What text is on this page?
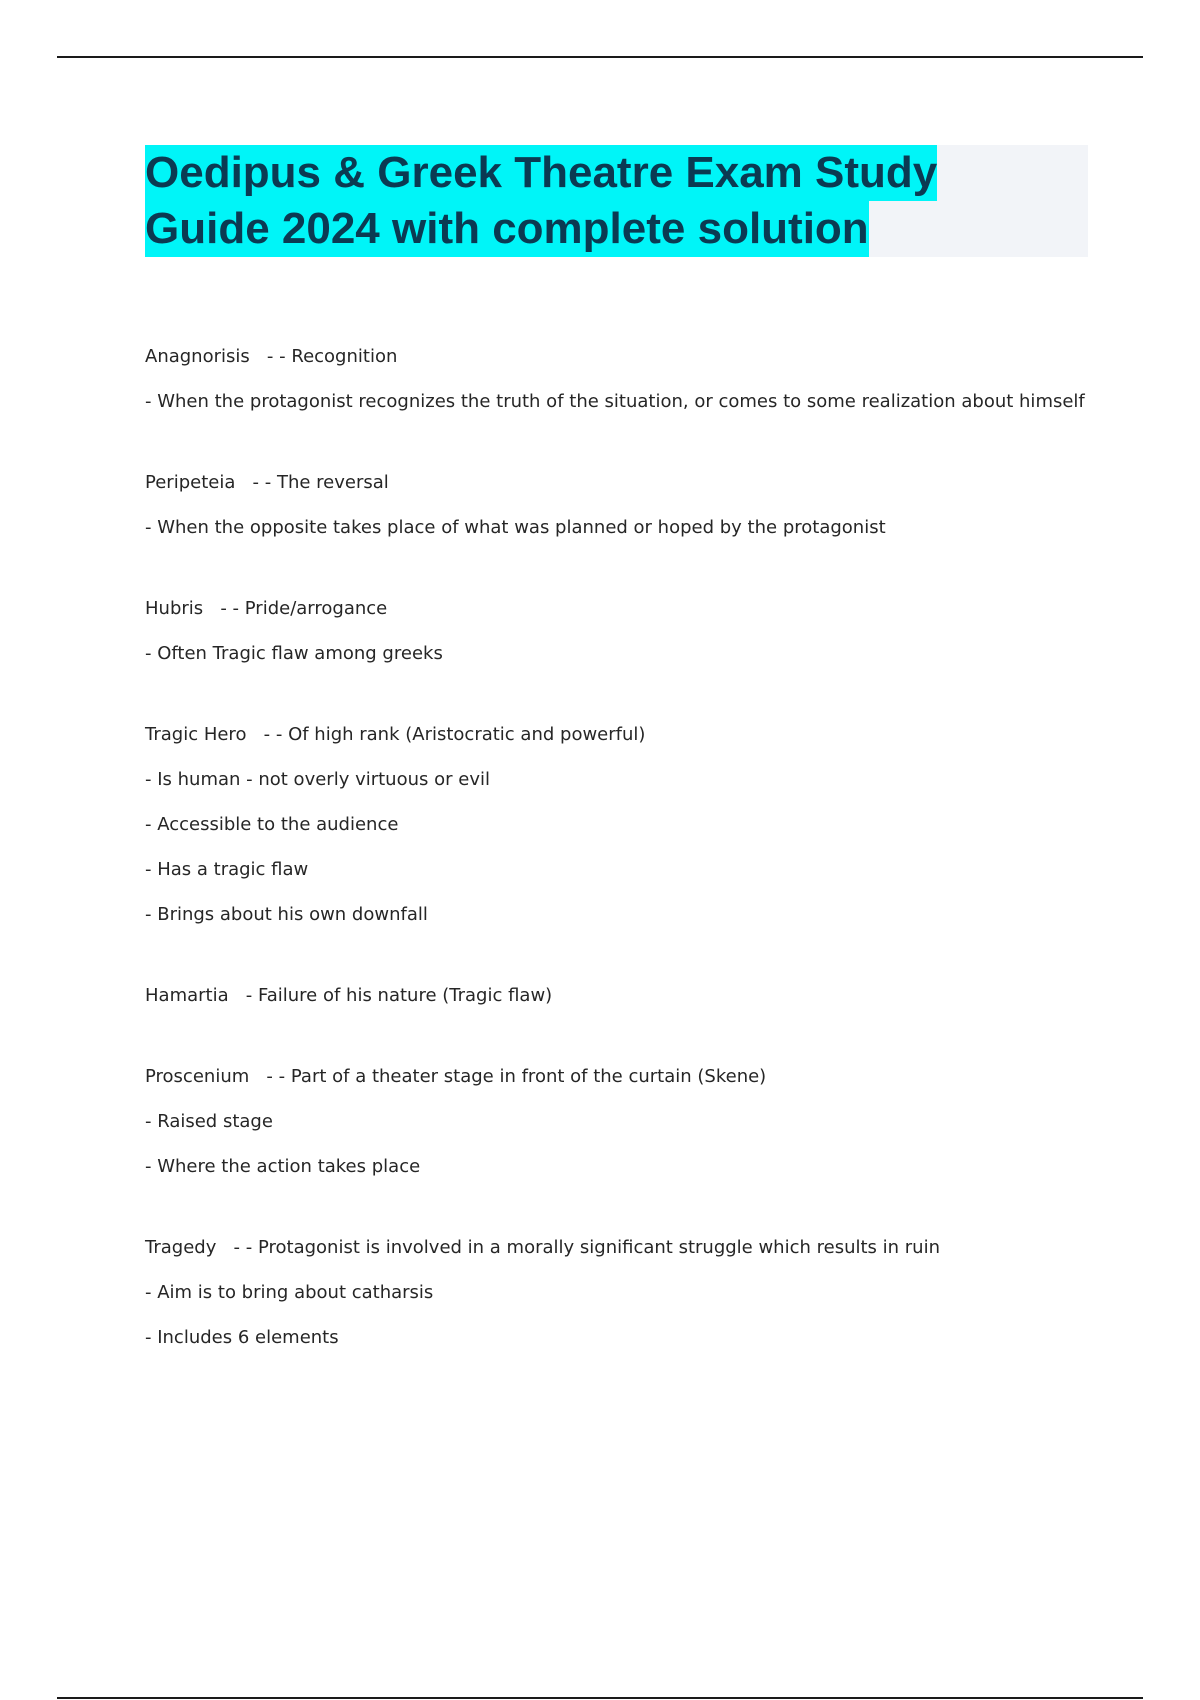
Oedipus & Greek Theatre Exam Study
Guide 2024 with complete solution
Anagnorisis   - - Recognition
- When the protagonist recognizes the truth of the situation, or comes to some realization about himself
Peripeteia   - - The reversal
- When the opposite takes place of what was planned or hoped by the protagonist
Hubris   - - Pride/arrogance
- Often Tragic flaw among greeks
Tragic Hero   - - Of high rank (Aristocratic and powerful)
- Is human - not overly virtuous or evil
- Accessible to the audience
- Has a tragic flaw
- Brings about his own downfall
Hamartia   - Failure of his nature (Tragic flaw)
Proscenium   - - Part of a theater stage in front of the curtain (Skene)
- Raised stage
- Where the action takes place
Tragedy   - - Protagonist is involved in a morally significant struggle which results in ruin
- Aim is to bring about catharsis
- Includes 6 elements
